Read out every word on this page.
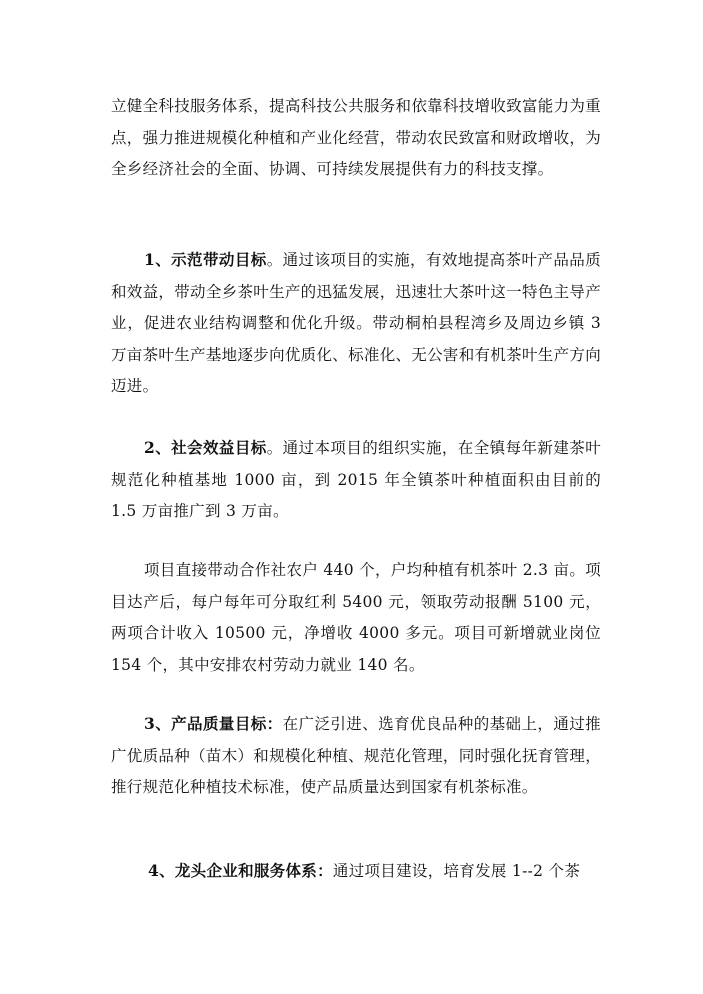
立健全科技服务体系，提高科技公共服务和依靠科技增收致富能力为重点，强力推进规模化种植和产业化经营，带动农民致富和财政增收，为全乡经济社会的全面、协调、可持续发展提供有力的科技支撑。

1、示范带动目标。通过该项目的实施，有效地提高茶叶产品品质和效益，带动全乡茶叶生产的迅猛发展，迅速壮大茶叶这一特色主导产业，促进农业结构调整和优化升级。带动桐柏县程湾乡及周边乡镇 3 万亩茶叶生产基地逐步向优质化、标准化、无公害和有机茶叶生产方向迈进。

2、社会效益目标。通过本项目的组织实施，在全镇每年新建茶叶规范化种植基地 1000 亩，到 2015 年全镇茶叶种植面积由目前的 1.5 万亩推广到 3 万亩。

项目直接带动合作社农户 440 个，户均种植有机茶叶 2.3 亩。项目达产后，每户每年可分取红利 5400 元，领取劳动报酬 5100 元，两项合计收入 10500 元，净增收 4000 多元。项目可新增就业岗位 154 个，其中安排农村劳动力就业 140 名。

3、产品质量目标：在广泛引进、选育优良品种的基础上，通过推广优质品种（苗木）和规模化种植、规范化管理，同时强化抚育管理，推行规范化种植技术标准，使产品质量达到国家有机茶标准。

4、龙头企业和服务体系：通过项目建设，培育发展 1--2 个茶
